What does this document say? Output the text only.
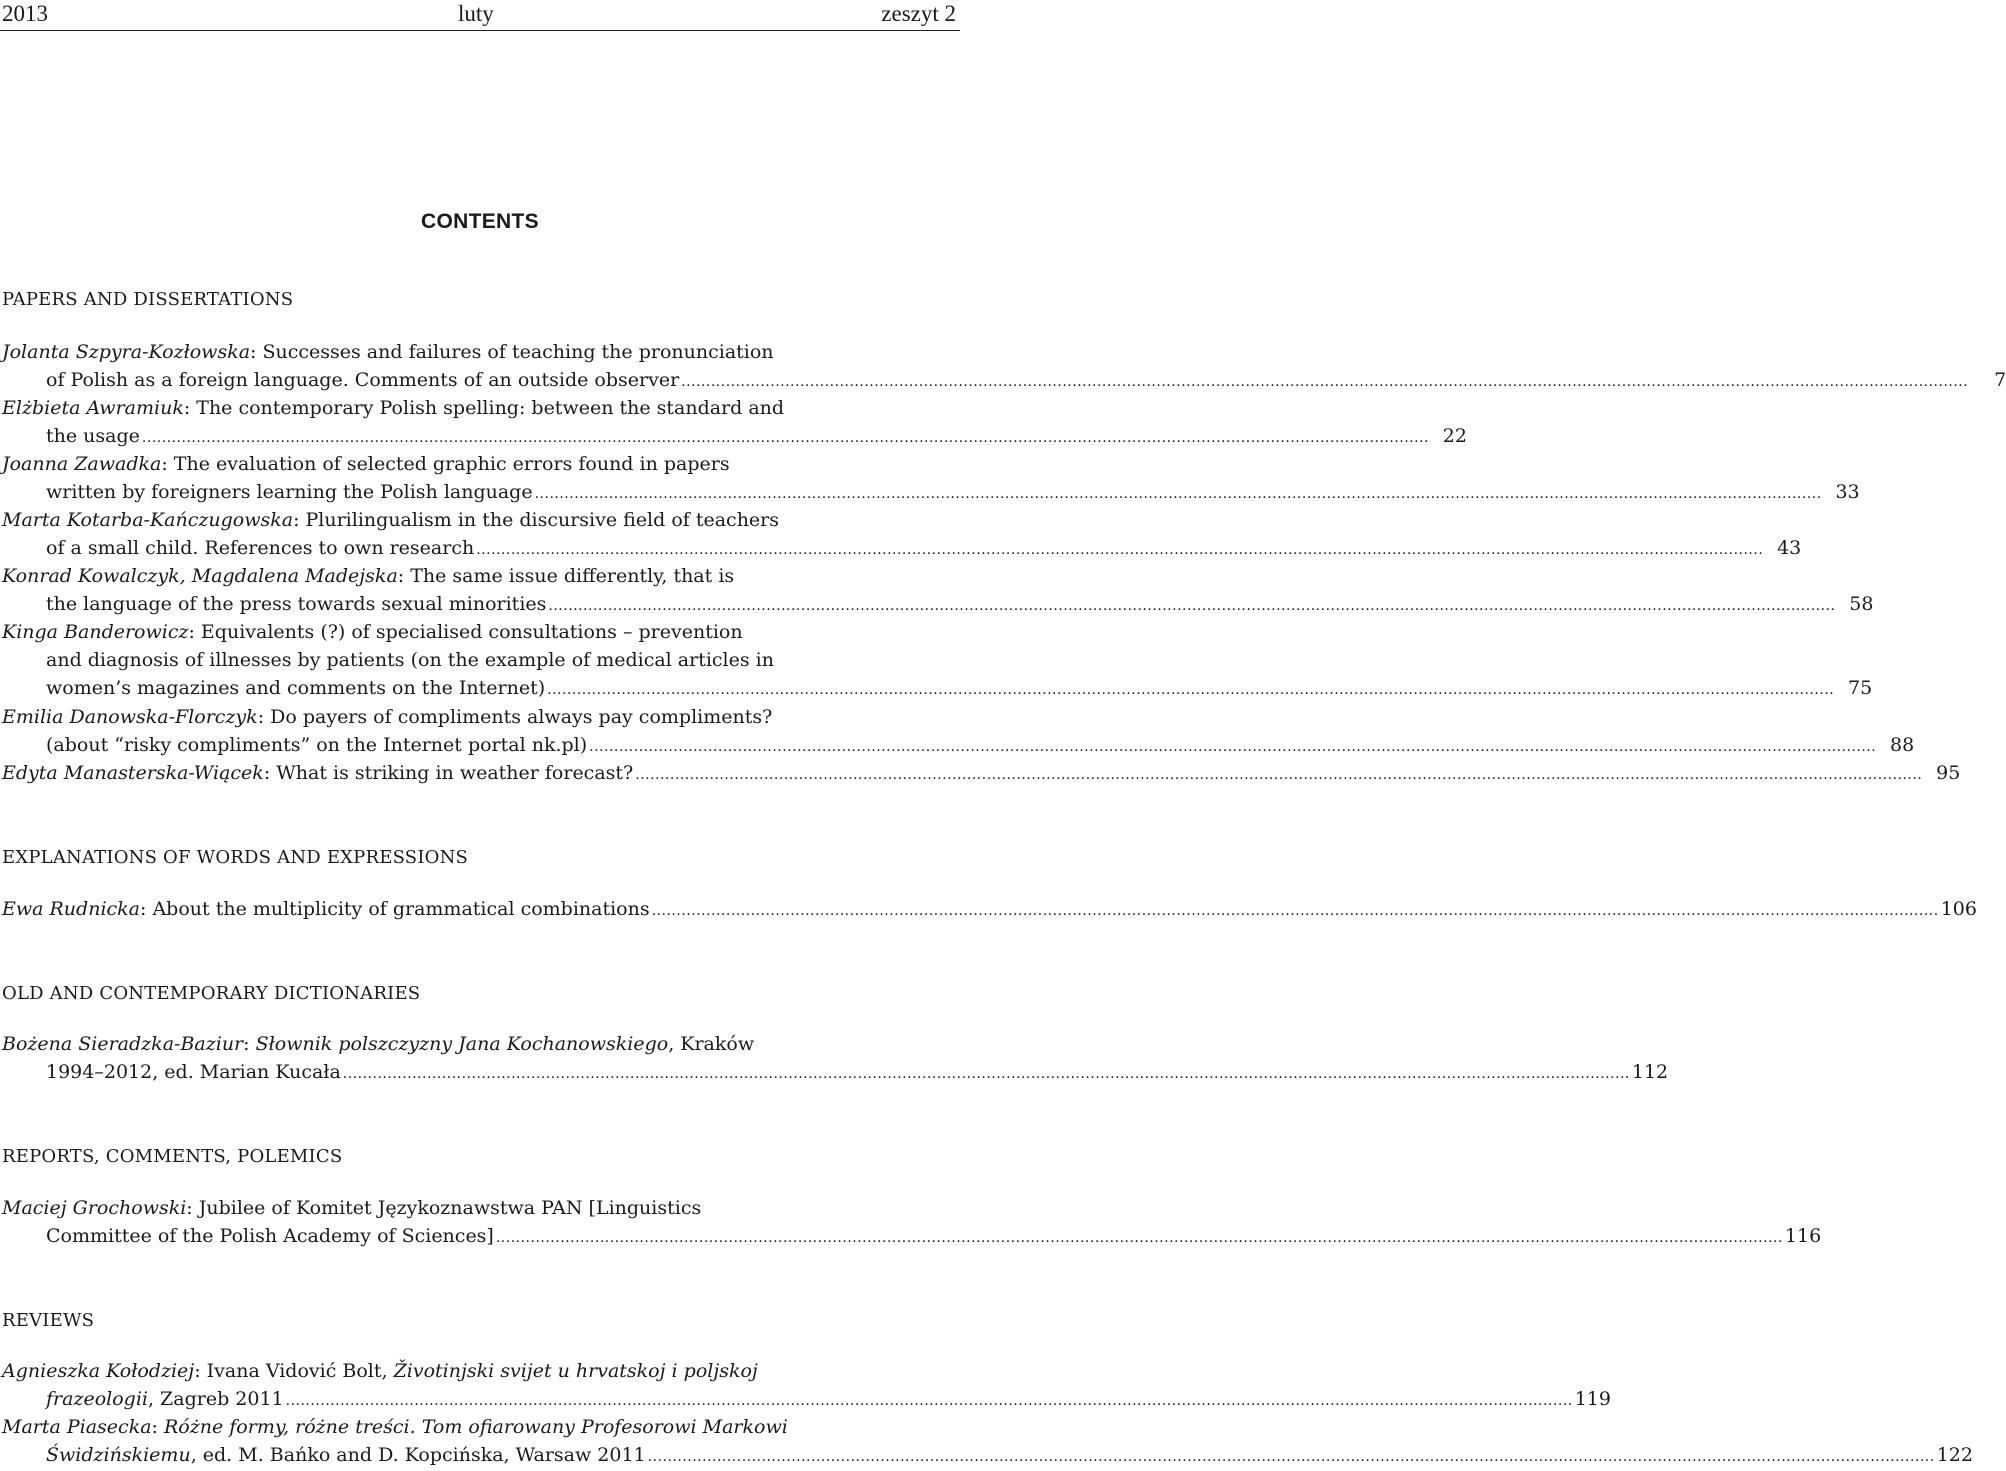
2013	luty	zeszyt 2
CONTENTS
PAPERS AND DISSERTATIONS
Jolanta Szpyra-Kozłowska: Successes and failures of teaching the pronunciation
of Polish as a foreign language. Comments of an outside observer ....................................................................................................................................................................................................................................................................	7
Elżbieta Awramiuk: The contemporary Polish spelling: between the standard and
the usage .................................................................................................................................................................................................................................................................... 22
Joanna Zawadka: The evaluation of selected graphic errors found in papers
written by foreigners learning the Polish language .................................................................................................................................................................................................................................................................... 33
Marta Kotarba-Kańczugowska: Plurilingualism in the discursive field of teachers
of a small child. References to own research .................................................................................................................................................................................................................................................................... 43
Konrad Kowalczyk, Magdalena Madejska: The same issue differently, that is
the language of the press towards sexual minorities .................................................................................................................................................................................................................................................................... 58
Kinga Banderowicz: Equivalents (?) of specialised consultations – prevention
and diagnosis of illnesses by patients (on the example of medical articles in
women’s magazines and comments on the Internet) .................................................................................................................................................................................................................................................................... 75
Emilia Danowska-Florczyk: Do payers of compliments always pay compliments?
(about “risky compliments” on the Internet portal nk.pl) .................................................................................................................................................................................................................................................................... 88
Edyta Manasterska-Wiącek: What is striking in weather forecast? .................................................................................................................................................................................................................................................................... 95
EXPLANATIONS OF WORDS AND EXPRESSIONS
Ewa Rudnicka: About the multiplicity of grammatical combinations .................................................................................................................................................................................................................................................................... 106
OLD AND CONTEMPORARY DICTIONARIES
Bożena Sieradzka-Baziur: Słownik polszczyzny Jana Kochanowskiego, Kraków
1994–2012, ed. Marian Kucała .................................................................................................................................................................................................................................................................... 112
REPORTS, COMMENTS, POLEMICS
Maciej Grochowski: Jubilee of Komitet Językoznawstwa PAN [Linguistics
Committee of the Polish Academy of Sciences] .................................................................................................................................................................................................................................................................... 116
REVIEWS
Agnieszka Kołodziej: Ivana Vidović Bolt, Životinjski svijet u hrvatskoj i poljskoj
frazeologii, Zagreb 2011 .................................................................................................................................................................................................................................................................... 119
Marta Piasecka: Różne formy, różne treści. Tom ofiarowany Profesorowi Markowi
Świdzińskiemu, ed. M. Bańko and D. Kopcińska, Warsaw 2011 .................................................................................................................................................................................................................................................................... 122
